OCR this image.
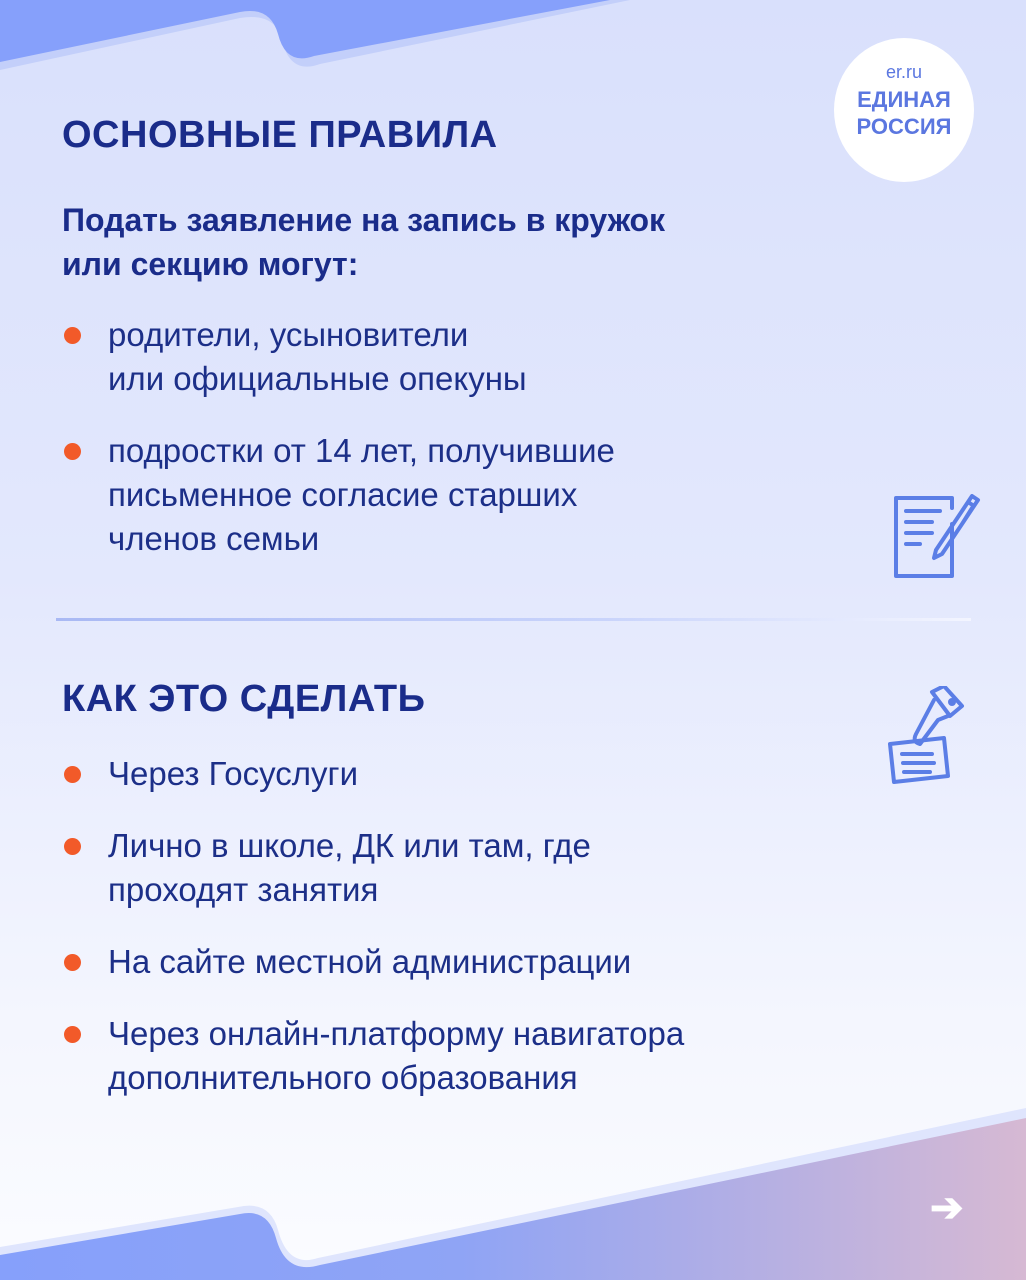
er.ru
ЕДИНАЯ
РОССИЯ
ОСНОВНЫЕ ПРАВИЛА
Подать заявление на запись в кружок
или секцию могут:
родители, усыновители
или официальные опекуны
подростки от 14 лет, получившие
письменное согласие старших
членов семьи
КАК ЭТО СДЕЛАТЬ
Через Госуслуги
Лично в школе, ДК или там, где
проходят занятия
На сайте местной администрации
Через онлайн-платформу навигатора
дополнительного образования
➔
